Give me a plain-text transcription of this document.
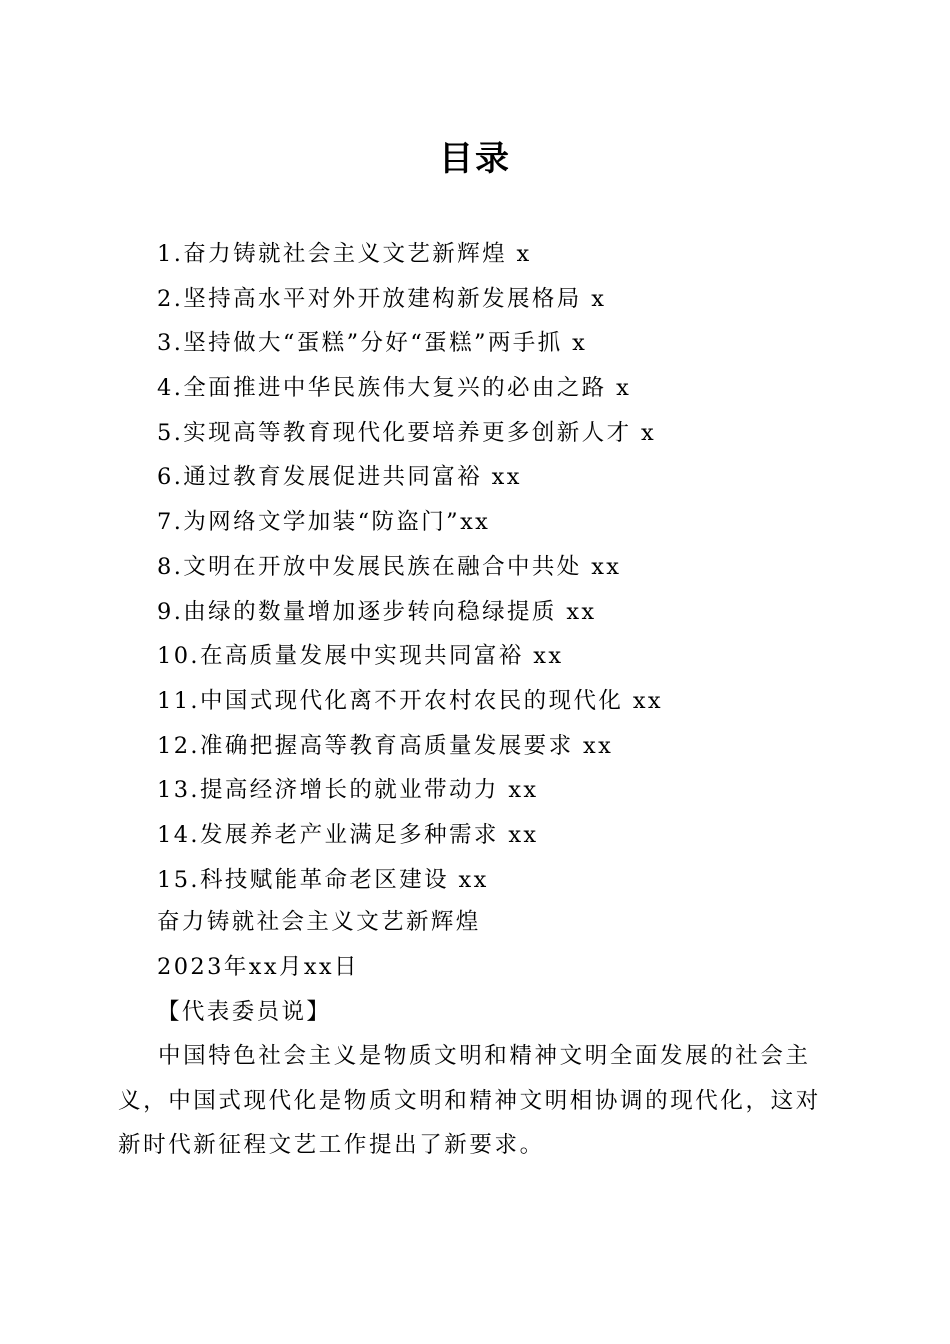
目录
1.奋力铸就社会主义文艺新辉煌 x
2.坚持高水平对外开放建构新发展格局 x
3.坚持做大“蛋糕”分好“蛋糕”两手抓 x
4.全面推进中华民族伟大复兴的必由之路 x
5.实现高等教育现代化要培养更多创新人才 x
6.通过教育发展促进共同富裕 xx
7.为网络文学加装“防盗门”xx
8.文明在开放中发展民族在融合中共处 xx
9.由绿的数量增加逐步转向稳绿提质 xx
10.在高质量发展中实现共同富裕 xx
11.中国式现代化离不开农村农民的现代化 xx
12.准确把握高等教育高质量发展要求 xx
13.提高经济增长的就业带动力 xx
14.发展养老产业满足多种需求 xx
15.科技赋能革命老区建设 xx
奋力铸就社会主义文艺新辉煌
2023年xx月xx日
【代表委员说】

中国特色社会主义是物质文明和精神文明全面发展的社会主义，中国式现代化是物质文明和精神文明相协调的现代化，这对新时代新征程文艺工作提出了新要求。
